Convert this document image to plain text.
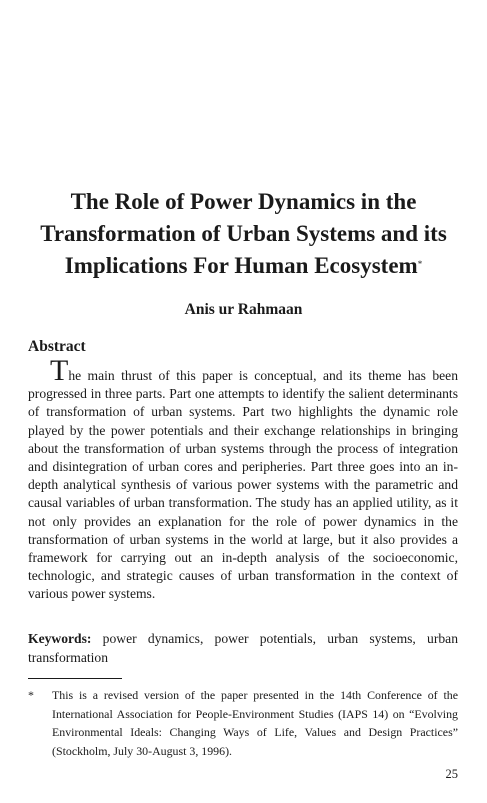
The Role of Power Dynamics in the Transformation of Urban Systems and its Implications For Human Ecosystem*
Anis ur Rahmaan
Abstract

The main thrust of this paper is conceptual, and its theme has been progressed in three parts. Part one attempts to identify the salient determinants of transformation of urban systems. Part two highlights the dynamic role played by the power potentials and their exchange relationships in bringing about the transformation of urban systems through the process of integration and disintegration of urban cores and peripheries. Part three goes into an in-depth analytical synthesis of various power systems with the parametric and causal variables of urban transformation. The study has an applied utility, as it not only provides an explanation for the role of power dynamics in the transformation of urban systems in the world at large, but it also provides a framework for carrying out an in-depth analysis of the socioeconomic, technologic, and strategic causes of urban transformation in the context of various power systems.

Keywords: power dynamics, power potentials, urban systems, urban transformation

* This is a revised version of the paper presented in the 14th Conference of the International Association for People-Environment Studies (IAPS 14) on “Evolving Environmental Ideals: Changing Ways of Life, Values and Design Practices” (Stockholm, July 30-August 3, 1996).
25
